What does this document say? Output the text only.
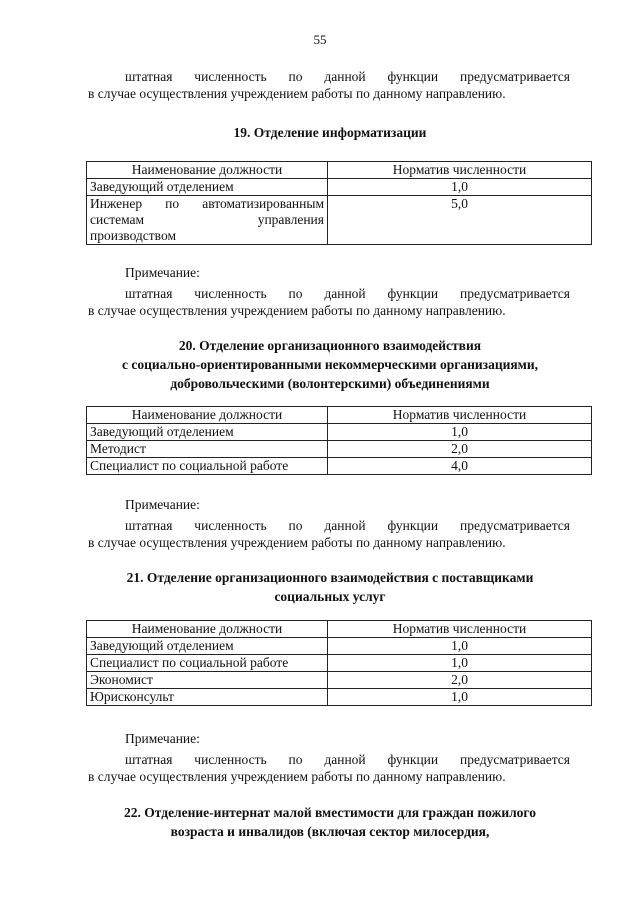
55
штатная численность по данной функции предусматривается
в случае осуществления учреждением работы по данному направлению.
19. Отделение информатизации
Наименование должности	Норматив численности
Заведующий отделением	1,0

Инженер по автоматизированным
системам управления
производством	5,0
Примечание:
штатная численность по данной функции предусматривается
в случае осуществления учреждением работы по данному направлению.
20. Отделение организационного взаимодействия
с социально-ориентированными некоммерческими организациями,
добровольческими (волонтерскими) объединениями
Наименование должности	Норматив численности
Заведующий отделением	1,0
Методист	2,0
Специалист по социальной работе	4,0
Примечание:
штатная численность по данной функции предусматривается
в случае осуществления учреждением работы по данному направлению.
21. Отделение организационного взаимодействия с поставщиками
социальных услуг
Наименование должности	Норматив численности
Заведующий отделением	1,0
Специалист по социальной работе	1,0
Экономист	2,0
Юрисконсульт	1,0
Примечание:
штатная численность по данной функции предусматривается
в случае осуществления учреждением работы по данному направлению.
22. Отделение-интернат малой вместимости для граждан пожилого
возраста и инвалидов (включая сектор милосердия,
